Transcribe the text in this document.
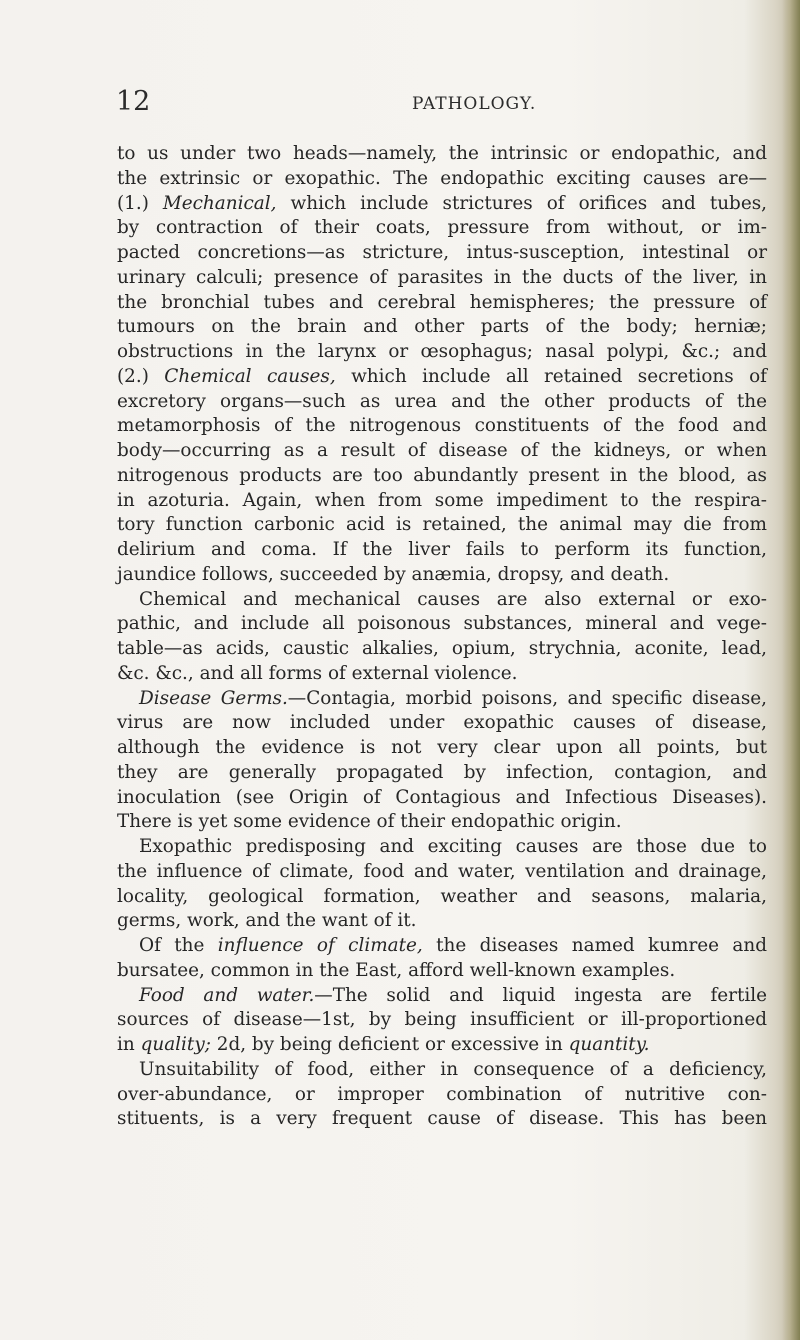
12	PATHOLOGY.
to us under two heads—namely, the intrinsic or endopathic, and
the extrinsic or exopathic. The endopathic exciting causes are—
(1.) Mechanical, which include strictures of orifices and tubes,
by contraction of their coats, pressure from without, or im-
pacted concretions—as stricture, intus-susception, intestinal or
urinary calculi; presence of parasites in the ducts of the liver, in
the bronchial tubes and cerebral hemispheres; the pressure of
tumours on the brain and other parts of the body; herniæ;
obstructions in the larynx or œsophagus; nasal polypi, &c.; and
(2.) Chemical causes, which include all retained secretions of
excretory organs—such as urea and the other products of the
metamorphosis of the nitrogenous constituents of the food and
body—occurring as a result of disease of the kidneys, or when
nitrogenous products are too abundantly present in the blood, as
in azoturia. Again, when from some impediment to the respira-
tory function carbonic acid is retained, the animal may die from
delirium and coma. If the liver fails to perform its function,
jaundice follows, succeeded by anæmia, dropsy, and death.
Chemical and mechanical causes are also external or exo-
pathic, and include all poisonous substances, mineral and vege-
table—as acids, caustic alkalies, opium, strychnia, aconite, lead,
&c. &c., and all forms of external violence.
Disease Germs.—Contagia, morbid poisons, and specific disease,
virus are now included under exopathic causes of disease,
although the evidence is not very clear upon all points, but
they are generally propagated by infection, contagion, and
inoculation (see Origin of Contagious and Infectious Diseases).
There is yet some evidence of their endopathic origin.
Exopathic predisposing and exciting causes are those due to
the influence of climate, food and water, ventilation and drainage,
locality, geological formation, weather and seasons, malaria,
germs, work, and the want of it.
Of the influence of climate, the diseases named kumree and
bursatee, common in the East, afford well-known examples.
Food and water.—The solid and liquid ingesta are fertile
sources of disease—1st, by being insufficient or ill-proportioned
in quality; 2d, by being deficient or excessive in quantity.
Unsuitability of food, either in consequence of a deficiency,
over-abundance, or improper combination of nutritive con-
stituents, is a very frequent cause of disease. This has been
